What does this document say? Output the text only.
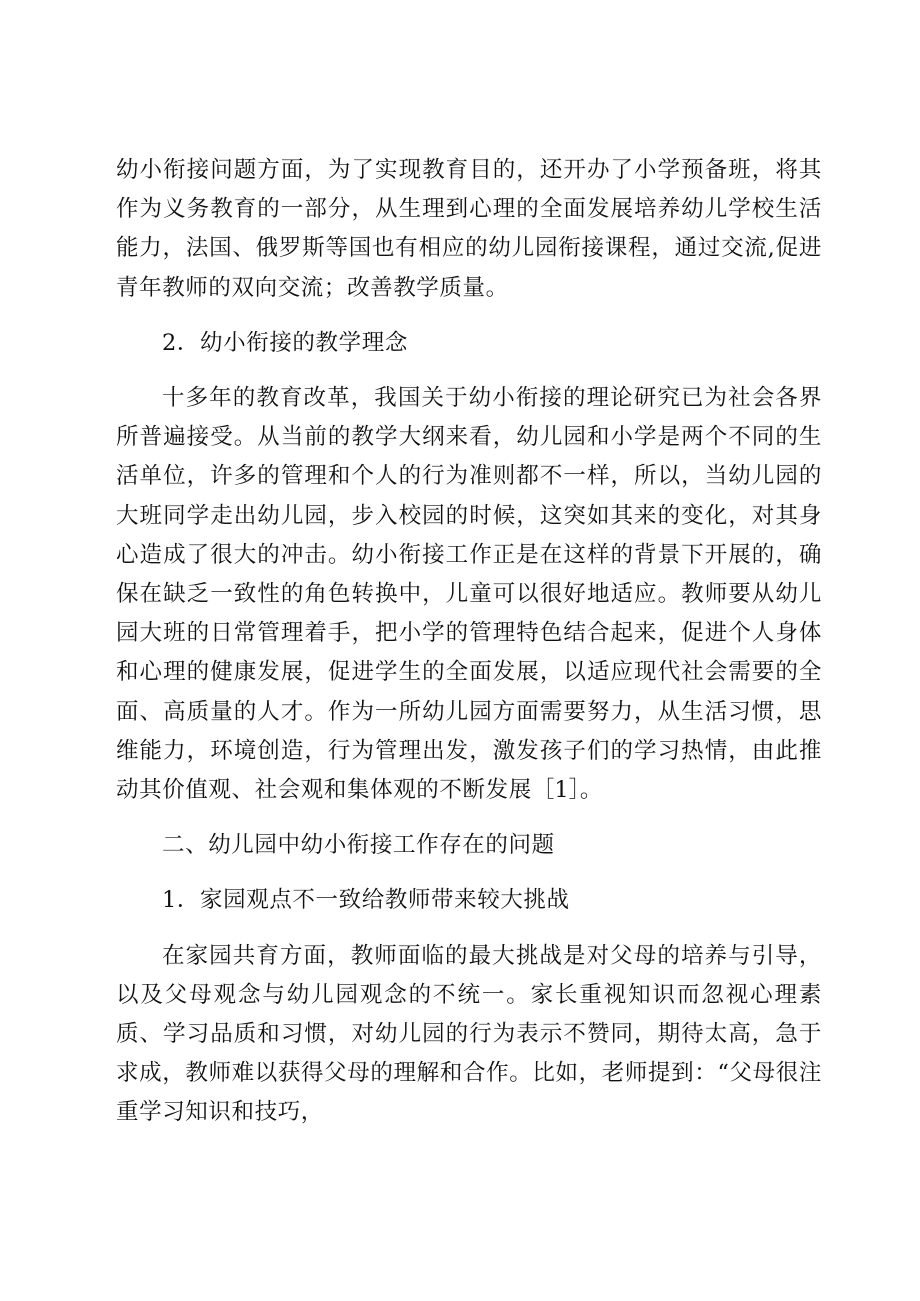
幼小衔接问题方面，为了实现教育目的，还开办了小学预备班，将其作为义务教育的一部分，从生理到心理的全面发展培养幼儿学校生活能力，法国、俄罗斯等国也有相应的幼儿园衔接课程，通过交流,促进青年教师的双向交流；改善教学质量。

2．幼小衔接的教学理念

十多年的教育改革，我国关于幼小衔接的理论研究已为社会各界所普遍接受。从当前的教学大纲来看，幼儿园和小学是两个不同的生活单位，许多的管理和个人的行为准则都不一样，所以，当幼儿园的大班同学走出幼儿园，步入校园的时候，这突如其来的变化，对其身心造成了很大的冲击。幼小衔接工作正是在这样的背景下开展的，确保在缺乏一致性的角色转换中，儿童可以很好地适应。教师要从幼儿园大班的日常管理着手，把小学的管理特色结合起来，促进个人身体和心理的健康发展，促进学生的全面发展，以适应现代社会需要的全面、高质量的人才。作为一所幼儿园方面需要努力，从生活习惯，思维能力，环境创造，行为管理出发，激发孩子们的学习热情，由此推动其价值观、社会观和集体观的不断发展［1］。

二、幼儿园中幼小衔接工作存在的问题

1．家园观点不一致给教师带来较大挑战

在家园共育方面，教师面临的最大挑战是对父母的培养与引导，以及父母观念与幼儿园观念的不统一。家长重视知识而忽视心理素质、学习品质和习惯，对幼儿园的行为表示不赞同，期待太高，急于求成，教师难以获得父母的理解和合作。比如，老师提到：“父母很注重学习知识和技巧，
